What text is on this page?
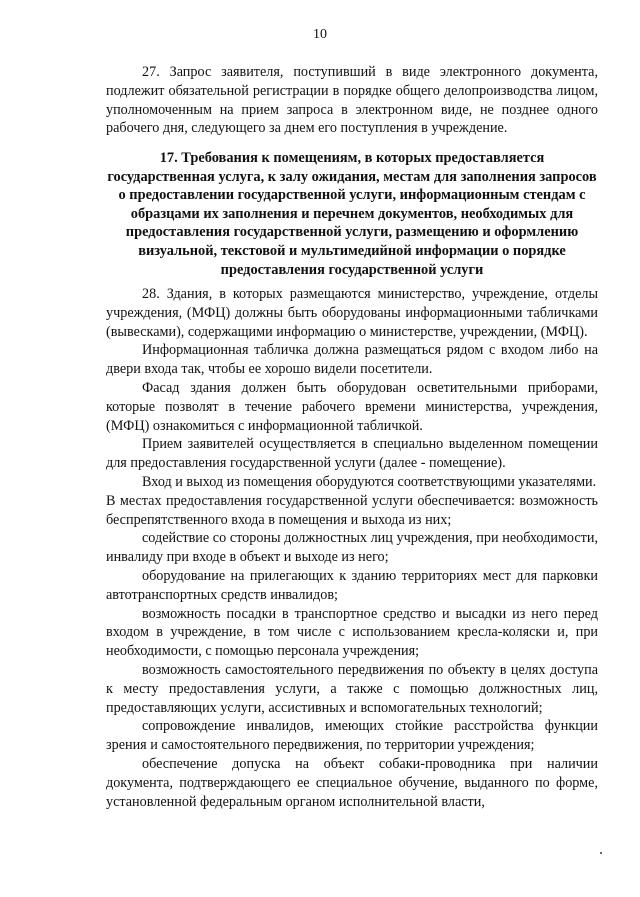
10

27. Запрос заявителя, поступивший в виде электронного документа, подлежит обязательной регистрации в порядке общего делопроизводства лицом, уполномоченным на прием запроса в электронном виде, не позднее одного рабочего дня, следующего за днем его поступления в учреждение.

17. Требования к помещениям, в которых предоставляется государственная услуга, к залу ожидания, местам для заполнения запросов о предоставлении государственной услуги, информационным стендам с образцами их заполнения и перечнем документов, необходимых для предоставления государственной услуги, размещению и оформлению визуальной, текстовой и мультимедийной информации о порядке предоставления государственной услуги

28. Здания, в которых размещаются министерство, учреждение, отделы учреждения, (МФЦ) должны быть оборудованы информационными табличками (вывесками), содержащими информацию о министерстве, учреждении, (МФЦ).

Информационная табличка должна размещаться рядом с входом либо на двери входа так, чтобы ее хорошо видели посетители.

Фасад здания должен быть оборудован осветительными приборами, которые позволят в течение рабочего времени министерства, учреждения, (МФЦ) ознакомиться с информационной табличкой.

Прием заявителей осуществляется в специально выделенном помещении для предоставления государственной услуги (далее - помещение).

Вход и выход из помещения оборудуются соответствующими указателями.

В местах предоставления государственной услуги обеспечивается: возможность беспрепятственного входа в помещения и выхода из них;

содействие со стороны должностных лиц учреждения, при необходимости, инвалиду при входе в объект и выходе из него;

оборудование на прилегающих к зданию территориях мест для парковки автотранспортных средств инвалидов;

возможность посадки в транспортное средство и высадки из него перед входом в учреждение, в том числе с использованием кресла-коляски и, при необходимости, с помощью персонала учреждения;

возможность самостоятельного передвижения по объекту в целях доступа к месту предоставления услуги, а также с помощью должностных лиц, предоставляющих услуги, ассистивных и вспомогательных технологий;

сопровождение инвалидов, имеющих стойкие расстройства функции зрения и самостоятельного передвижения, по территории учреждения;

обеспечение допуска на объект собаки-проводника при наличии документа, подтверждающего ее специальное обучение, выданного по форме, установленной федеральным органом исполнительной власти,
